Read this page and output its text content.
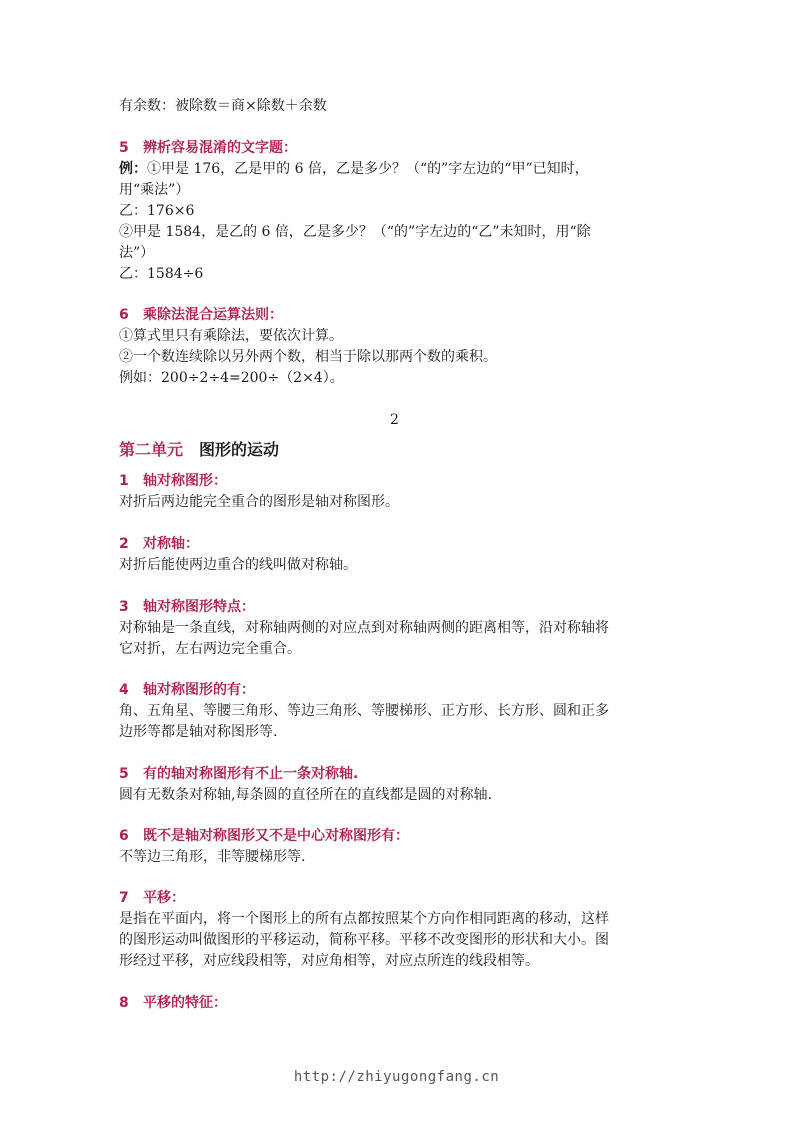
有余数：被除数＝商×除数＋余数
5 辨析容易混淆的文字题：
例：①甲是 176，乙是甲的 6 倍，乙是多少？（“的”字左边的“甲”已知时，
用“乘法”）
乙：176×6
②甲是 1584，是乙的 6 倍，乙是多少？（“的”字左边的“乙”未知时，用“除
法”）
乙：1584÷6
6 乘除法混合运算法则：
①算式里只有乘除法，要依次计算。
②一个数连续除以另外两个数，相当于除以那两个数的乘积。
例如：200÷2÷4=200÷（2×4）。
第二单元 图形的运动
1 轴对称图形：
对折后两边能完全重合的图形是轴对称图形。
2 对称轴：
对折后能使两边重合的线叫做对称轴。
3 轴对称图形特点：
对称轴是一条直线，对称轴两侧的对应点到对称轴两侧的距离相等，沿对称轴将
它对折，左右两边完全重合。
4 轴对称图形的有：
角、五角星、等腰三角形、等边三角形、等腰梯形、正方形、长方形、圆和正多
边形等都是轴对称图形等.
5 有的轴对称图形有不止一条对称轴.
圆有无数条对称轴,每条圆的直径所在的直线都是圆的对称轴.
6 既不是轴对称图形又不是中心对称图形有：
不等边三角形，非等腰梯形等.
7 平移：
是指在平面内，将一个图形上的所有点都按照某个方向作相同距离的移动，这样
的图形运动叫做图形的平移运动，简称平移。平移不改变图形的形状和大小。图
形经过平移，对应线段相等，对应角相等，对应点所连的线段相等。
8 平移的特征：
2
http://zhiyugongfang.cn
